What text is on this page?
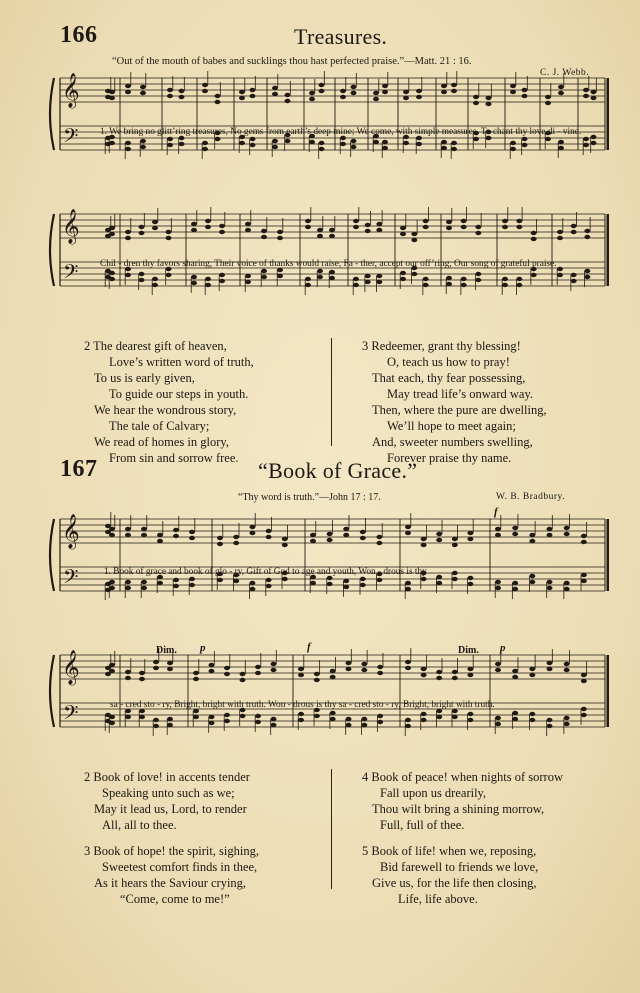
166	Treasures.
“Out of the mouth of babes and sucklings thou hast perfected praise.”—Matt. 21 : 16.
C. J. Webb.
𝄞
𝄢
𝄞
𝄢
𝄞
𝄢
𝄞
𝄢
1. We bring no glitt’ring treasures, No gems from earth’s deep mine; We come, with simple measures, To chant thy love di - vine.
Chil - dren thy favors sharing, Their voice of thanks would raise, Fa - ther, accept our off’ring, Our song of grateful praise.
2 The dearest gift of heaven,
Love’s written word of truth,
To us is early given,
To guide our steps in youth.
We hear the wondrous story,
The tale of Calvary;
We read of homes in glory,
From sin and sorrow free.
3 Redeemer, grant thy blessing!
O, teach us how to pray!
That each, thy fear possessing,
May tread life’s onward way.
Then, where the pure are dwelling,
We’ll hope to meet again;
And, sweeter numbers swelling,
Forever praise thy name.
167	“Book of Grace.”
“Thy word is truth.”—John 17 : 17.	W. B. Bradbury.
1. Book of grace and book of glo - ry, Gift of God to age and youth, Won - drous is thy
sa - cred sto - ry, Bright, bright with truth. Won - drous is thy sa - cred sto - ry, Bright, bright with truth.
f
f
p	p
Dim.	Dim.
2 Book of love! in accents tender
Speaking unto such as we;
May it lead us, Lord, to render
All, all to thee.
3 Book of hope! the spirit, sighing,
Sweetest comfort finds in thee,
As it hears the Saviour crying,
“Come, come to me!”
4 Book of peace! when nights of sorrow
Fall upon us drearily,
Thou wilt bring a shining morrow,
Full, full of thee.
5 Book of life! when we, reposing,
Bid farewell to friends we love,
Give us, for the life then closing,
Life, life above.
